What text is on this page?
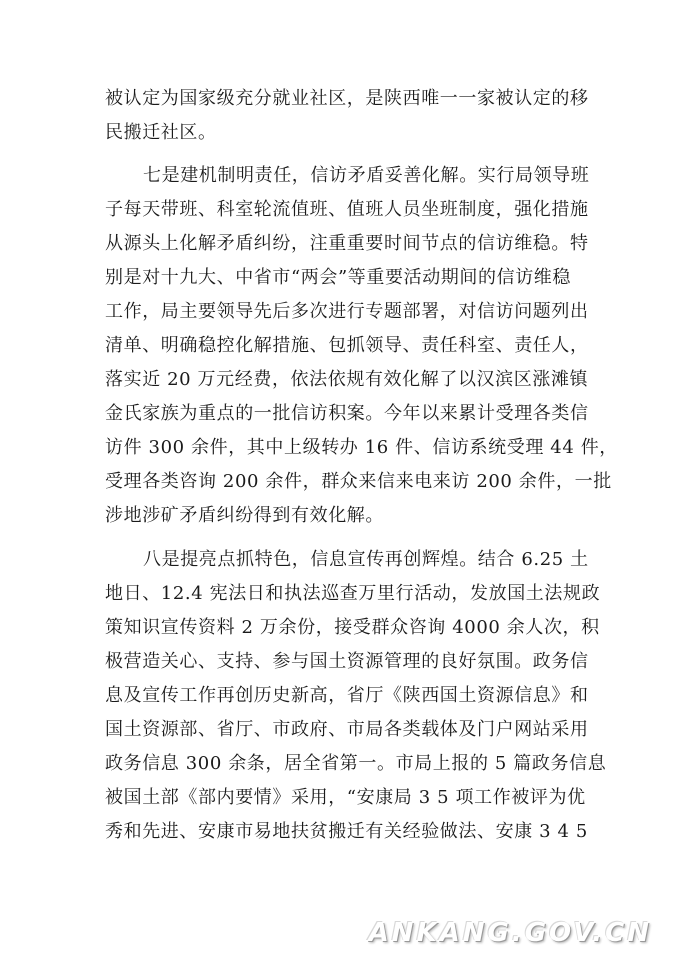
被认定为国家级充分就业社区，是陕西唯一一家被认定的移
民搬迁社区。
七是建机制明责任，信访矛盾妥善化解。实行局领导班
子每天带班、科室轮流值班、值班人员坐班制度，强化措施
从源头上化解矛盾纠纷，注重重要时间节点的信访维稳。特
别是对十九大、中省市“两会”等重要活动期间的信访维稳
工作，局主要领导先后多次进行专题部署，对信访问题列出
清单、明确稳控化解措施、包抓领导、责任科室、责任人，
落实近 20 万元经费，依法依规有效化解了以汉滨区涨滩镇
金氏家族为重点的一批信访积案。今年以来累计受理各类信
访件 300 余件，其中上级转办 16 件、信访系统受理 44 件，
受理各类咨询 200 余件，群众来信来电来访 200 余件，一批
涉地涉矿矛盾纠纷得到有效化解。
八是提亮点抓特色，信息宣传再创辉煌。结合 6.25 土
地日、12.4 宪法日和执法巡查万里行活动，发放国土法规政
策知识宣传资料 2 万余份，接受群众咨询 4000 余人次，积
极营造关心、支持、参与国土资源管理的良好氛围。政务信
息及宣传工作再创历史新高，省厅《陕西国土资源信息》和
国土资源部、省厅、市政府、市局各类载体及门户网站采用
政务信息 300 余条，居全省第一。市局上报的 5 篇政务信息
被国土部《部内要情》采用，“安康局 3 5 项工作被评为优
秀和先进、安康市易地扶贫搬迁有关经验做法、安康 3 4 5
ANKANG.GOV.CN
